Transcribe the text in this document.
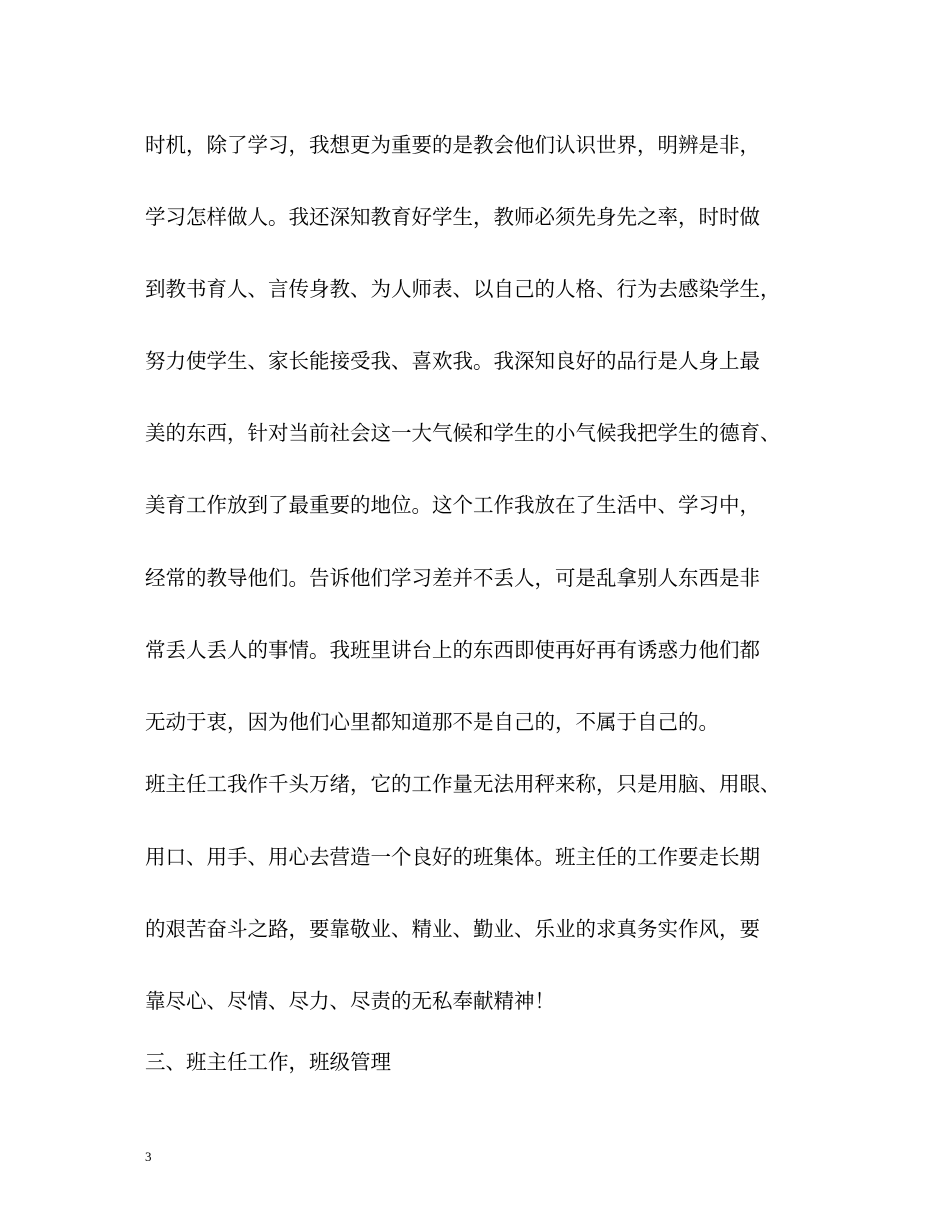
时机，除了学习，我想更为重要的是教会他们认识世界，明辨是非，

学习怎样做人。我还深知教育好学生，教师必须先身先之率，时时做

到教书育人、言传身教、为人师表、以自己的人格、行为去感染学生，

努力使学生、家长能接受我、喜欢我。我深知良好的品行是人身上最

美的东西，针对当前社会这一大气候和学生的小气候我把学生的德育、

美育工作放到了最重要的地位。这个工作我放在了生活中、学习中，

经常的教导他们。告诉他们学习差并不丢人，可是乱拿别人东西是非

常丢人丢人的事情。我班里讲台上的东西即使再好再有诱惑力他们都

无动于衷，因为他们心里都知道那不是自己的，不属于自己的。

班主任工我作千头万绪，它的工作量无法用秤来称，只是用脑、用眼、

用口、用手、用心去营造一个良好的班集体。班主任的工作要走长期

的艰苦奋斗之路，要靠敬业、精业、勤业、乐业的求真务实作风，要

靠尽心、尽情、尽力、尽责的无私奉献精神！

三、班主任工作，班级管理

3
